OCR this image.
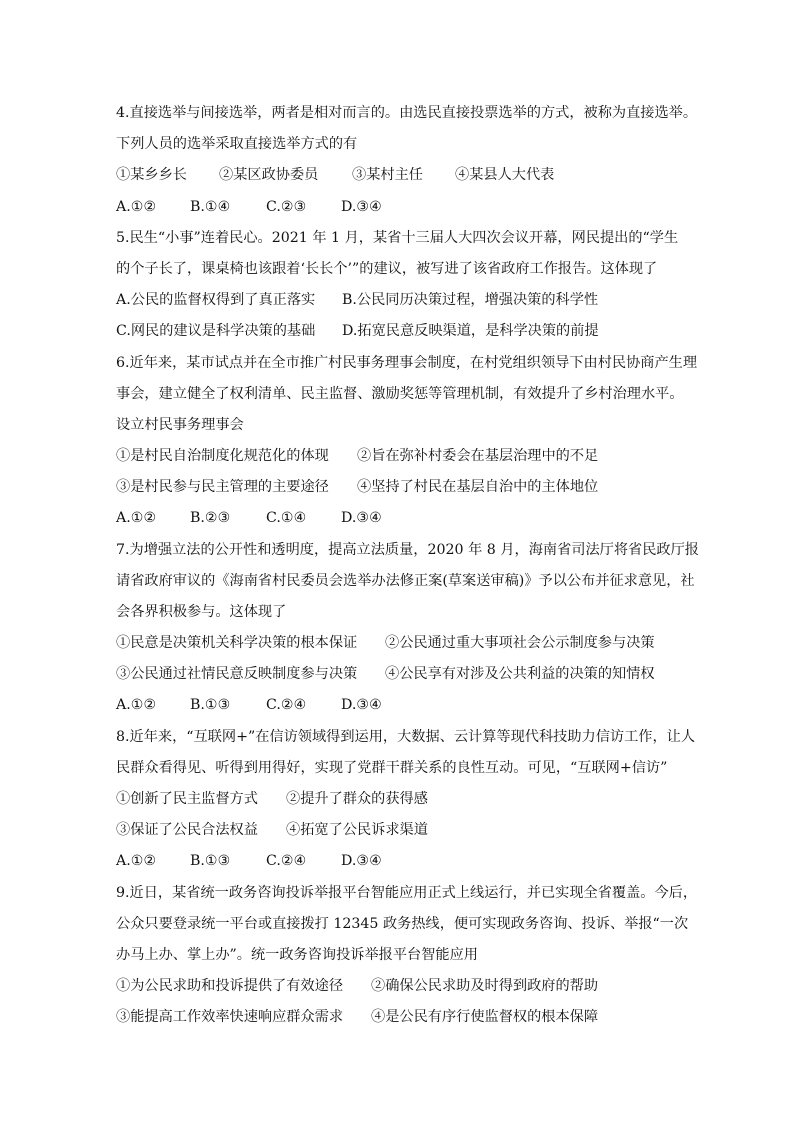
4.直接选举与间接选举，两者是相对而言的。由选民直接投票选举的方式，被称为直接选举。
下列人员的选举采取直接选举方式的有
①某乡乡长 ②某区政协委员 ③某村主任 ④某县人大代表
A.①② B.①④	C.②③ D.③④
5.民生“小事”连着民心。2021 年 1 月，某省十三届人大四次会议开幕，网民提出的“学生
的个子长了，课桌椅也该跟着‘长长个’”的建议，被写进了该省政府工作报告。这体现了
A.公民的监督权得到了真正落实 B.公民同历决策过程，增强决策的科学性
C.网民的建议是科学决策的基础 D.拓宽民意反映渠道，是科学决策的前提
6.近年来，某市试点并在全市推广村民事务理事会制度，在村党组织领导下由村民协商产生理
事会，建立健全了权利清单、民主监督、激励奖惩等管理机制，有效提升了乡村治理水平。
设立村民事务理事会
①是村民自治制度化规范化的体现 ②旨在弥补村委会在基层治理中的不足
③是村民参与民主管理的主要途径 ④坚持了村民在基层自治中的主体地位
A.①② B.②③	C.①④ D.③④
7.为增强立法的公开性和透明度，提高立法质量，2020 年 8 月，海南省司法厅将省民政厅报
请省政府审议的《海南省村民委员会选举办法修正案(草案送审稿)》予以公布并征求意见，社
会各界积极参与。这体现了
①民意是决策机关科学决策的根本保证 ②公民通过重大事项社会公示制度参与决策
③公民通过社情民意反映制度参与决策 ④公民享有对涉及公共利益的决策的知情权
A.①② B.①③	C.②④ D.③④
8.近年来，“互联网+”在信访领域得到运用，大数据、云计算等现代科技助力信访工作，让人
民群众看得见、听得到用得好，实现了党群干群关系的良性互动。可见，“互联网+信访”
①创新了民主监督方式 ②提升了群众的获得感
③保证了公民合法权益 ④拓宽了公民诉求渠道
A.①② B.①③	C.②④ D.③④
9.近日，某省统一政务咨询投诉举报平台智能应用正式上线运行，并已实现全省覆盖。今后，
公众只要登录统一平台或直接拨打 12345 政务热线，便可实现政务咨询、投诉、举报“一次
办马上办、掌上办”。统一政务咨询投诉举报平台智能应用
①为公民求助和投诉提供了有效途径 ②确保公民求助及时得到政府的帮助
③能提高工作效率快速响应群众需求 ④是公民有序行使监督权的根本保障
